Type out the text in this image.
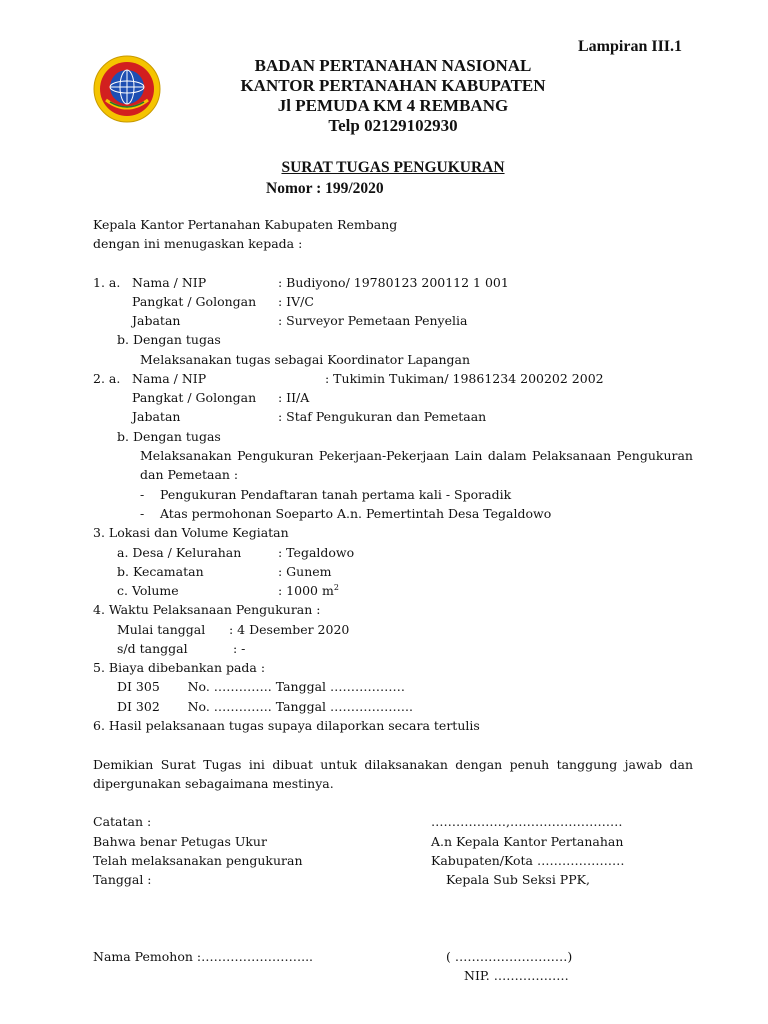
Lampiran III.1
BADAN PERTANAHAN NASIONAL
KANTOR PERTANAHAN KABUPATEN
Jl PEMUDA KM 4 REMBANG
Telp 02129102930
SURAT TUGAS PENGUKURAN
Nomor : 199/2020
Kepala Kantor Pertanahan Kabupaten Rembang
dengan ini menugaskan kepada :
1. a. Nama / NIP	: Budiyono/ 19780123 200112 1 001
Pangkat / Golongan : IV/C
Jabatan	: Surveyor Pemetaan Penyelia
b. Dengan tugas
Melaksanakan tugas sebagai Koordinator Lapangan
2. a. Nama / NIP	: Tukimin Tukiman/ 19861234 200202 2002
Pangkat / Golongan : II/A
Jabatan	: Staf Pengukuran dan Pemetaan
b. Dengan tugas
Melaksanakan Pengukuran Pekerjaan-Pekerjaan Lain dalam Pelaksanaan Pengukuran
dan Pemetaan :
- Pengukuran Pendaftaran tanah pertama kali - Sporadik
- Atas permohonan Soeparto A.n. Pemertintah Desa Tegaldowo
3. Lokasi dan Volume Kegiatan
a. Desa / Kelurahan	: Tegaldowo
b. Kecamatan	: Gunem
c. Volume	: 1000 $m^2$
4. Waktu Pelaksanaan Pengukuran :
Mulai tanggal : 4 Desember 2020
s/d tanggal	: -
5. Biaya dibebankan pada :
DI 305       No. ………….. Tanggal ………………
DI 302       No. ………….. Tanggal ………………..
6. Hasil pelaksanaan tugas supaya dilaporkan secara tertulis
Demikian Surat Tugas ini dibuat untuk dilaksanakan dengan penuh tanggung jawab dan
dipergunakan sebagaimana mestinya.
Catatan :
Bahwa benar Petugas Ukur
Telah melaksanakan pengukuran
Tanggal :
Nama Pemohon :……………………...
………………,………………………
A.n Kepala Kantor Pertanahan
Kabupaten/Kota …………………
Kepala Sub Seksi PPK,
( ………………………)
NIP. ………………
